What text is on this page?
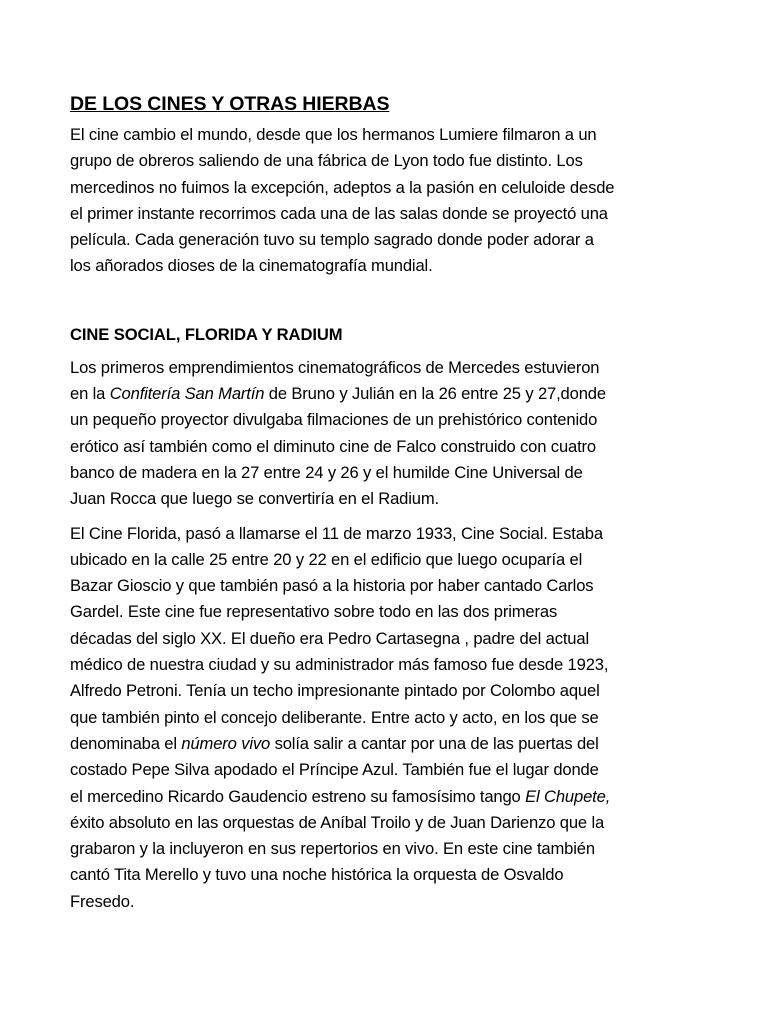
DE LOS CINES Y OTRAS HIERBAS

El cine cambio el mundo, desde que los hermanos Lumiere filmaron a un
grupo de obreros saliendo de una fábrica de Lyon todo fue distinto. Los
mercedinos no fuimos la excepción, adeptos a la pasión en celuloide desde
el primer instante recorrimos cada una de las salas donde se proyectó una
película. Cada generación tuvo su templo sagrado donde poder adorar a
los añorados dioses de la cinematografía mundial.

CINE SOCIAL, FLORIDA Y RADIUM

Los primeros emprendimientos cinematográficos de Mercedes estuvieron
en la Confitería San Martín de Bruno y Julián en la 26 entre 25 y 27,donde
un pequeño proyector divulgaba filmaciones de un prehistórico contenido
erótico así también como el diminuto cine de Falco construido con cuatro
banco de madera en la 27 entre 24 y 26 y el humilde Cine Universal de
Juan Rocca que luego se convertiría en el Radium.

El Cine Florida, pasó a llamarse el 11 de marzo 1933, Cine Social. Estaba
ubicado en la calle 25 entre 20 y 22 en el edificio que luego ocuparía el
Bazar Gioscio y que también pasó a la historia por haber cantado Carlos
Gardel. Este cine fue representativo sobre todo en las dos primeras
décadas del siglo XX. El dueño era Pedro Cartasegna , padre del actual
médico de nuestra ciudad y su administrador más famoso fue desde 1923,
Alfredo Petroni. Tenía un techo impresionante pintado por Colombo aquel
que también pinto el concejo deliberante. Entre acto y acto, en los que se
denominaba el número vivo solía salir a cantar por una de las puertas del
costado Pepe Silva apodado el Príncipe Azul. También fue el lugar donde
el mercedino Ricardo Gaudencio estreno su famosísimo tango El Chupete,
éxito absoluto en las orquestas de Aníbal Troilo y de Juan Darienzo que la
grabaron y la incluyeron en sus repertorios en vivo. En este cine también
cantó Tita Merello y tuvo una noche histórica la orquesta de Osvaldo
Fresedo.
